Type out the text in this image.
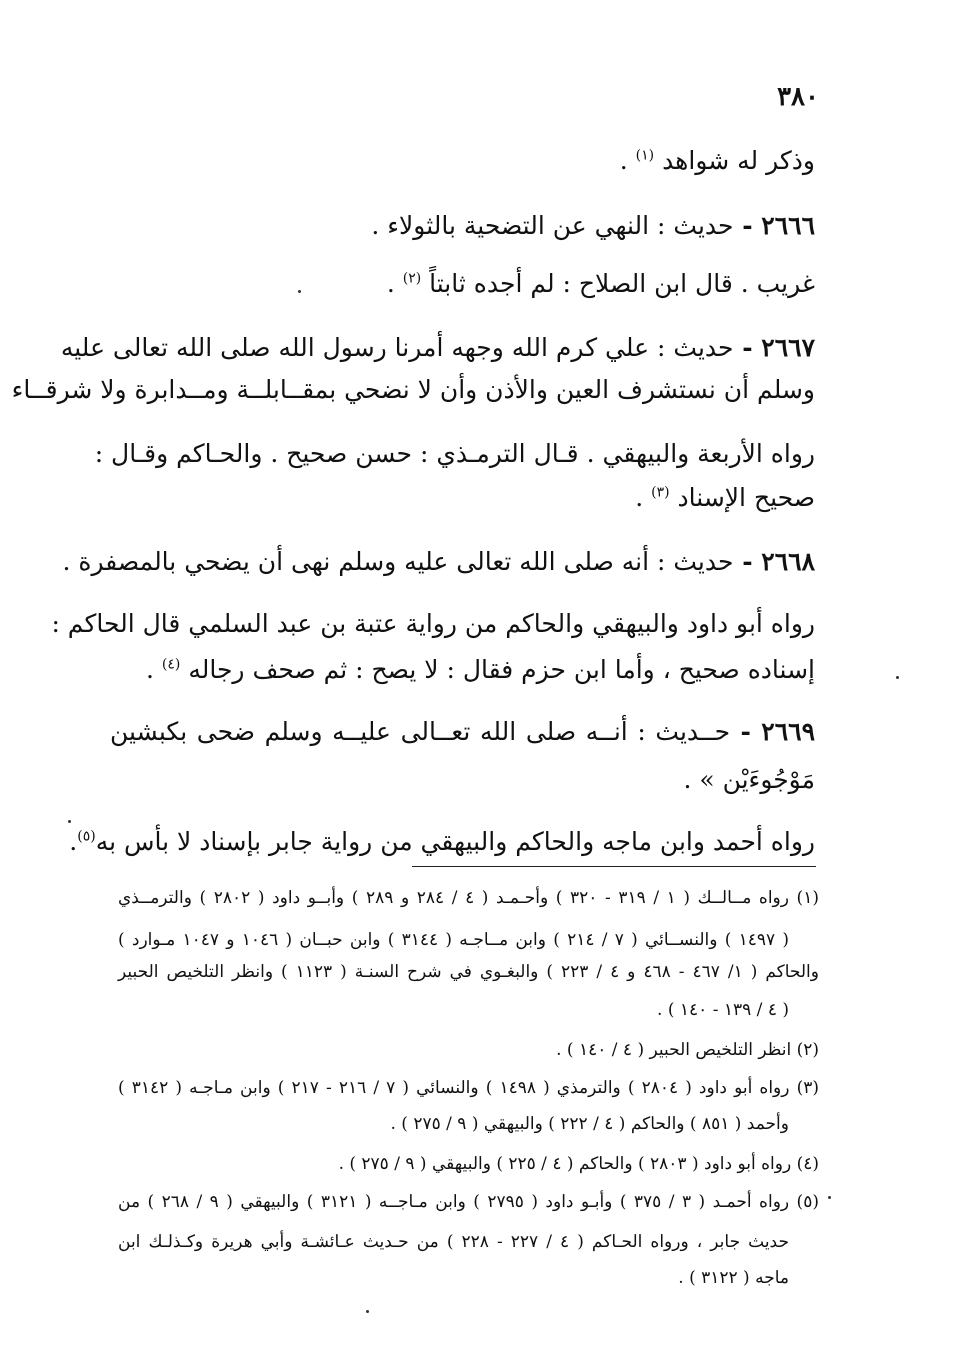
٣٨٠
وذكر له شواهد $^{(١)}$ .
٢٦٦٦ - حديث : النهي عن التضحية بالثولاء .
غريب . قال ابن الصلاح : لم أجده ثابتاً $^{(٢)}$ .
٢٦٦٧ - حديث : علي كرم الله وجهه أمرنا رسول الله صلى الله تعالى عليه
وسلم أن نستشرف العين والأذن وأن لا نضحي بمقــابلــة ومــدابرة ولا شرقــاء
رواه الأربعة والبيهقي . قـال الترمـذي : حسن صحيح . والحـاكم وقـال :
صحيح الإسناد $^{(٣)}$ .
٢٦٦٨ - حديث : أنه صلى الله تعالى عليه وسلم نهى أن يضحي بالمصفرة .
رواه أبو داود والبيهقي والحاكم من رواية عتبة بن عبد السلمي قال الحاكم :
إسناده صحيح ، وأما ابن حزم فقال : لا يصح : ثم صحف رجاله $^{(٤)}$ .
٢٦٦٩ - حــديث : أنــه صلى الله تعــالى عليــه وسلم ضحى بكبشين
مَوْجُوءَيْن » .
رواه أحمد وابن ماجه والحاكم والبيهقي من رواية جابر بإسناد لا بأس به$^{(٥)}$.
(١) رواه مــالــك ( ١ / ٣١٩ - ٣٢٠ ) وأحـمـد ( ٤ / ٢٨٤ و ٢٨٩ ) وأبــو داود ( ٢٨٠٢ ) والترمــذي
( ١٤٩٧ ) والنســائي ( ٧ / ٢١٤ ) وابن مــاجـه ( ٣١٤٤ ) وابن حبــان ( ١٠٤٦ و ١٠٤٧ مـوارد )
والحاكم ( ١/ ٤٦٧ - ٤٦٨ و ٤ / ٢٢٣ ) والبغـوي في شرح السنـة ( ١١٢٣ ) وانظر التلخيص الحبير
( ٤ / ١٣٩ - ١٤٠ ) .
(٢) انظر التلخيص الحبير ( ٤ / ١٤٠ ) .
(٣) رواه أبو داود ( ٢٨٠٤ ) والترمذي ( ١٤٩٨ ) والنسائي ( ٧ / ٢١٦ - ٢١٧ ) وابن مـاجـه ( ٣١٤٢ )
وأحمد ( ٨٥١ ) والحاكم ( ٤ / ٢٢٢ ) والبيهقي ( ٩ / ٢٧٥ ) .
(٤) رواه أبو داود ( ٢٨٠٣ ) والحاكم ( ٤ / ٢٢٥ ) والبيهقي ( ٩ / ٢٧٥ ) .
(٥) رواه أحمـد ( ٣ / ٣٧٥ ) وأبـو داود ( ٢٧٩٥ ) وابن مـاجــه ( ٣١٢١ ) والبيهقي ( ٩ / ٢٦٨ ) من
حديث جابر ، ورواه الحـاكم ( ٤ / ٢٢٧ - ٢٢٨ ) من حـديث عـائشـة وأبي هريرة وكـذلـك ابن
ماجه ( ٣١٢٢ ) .
